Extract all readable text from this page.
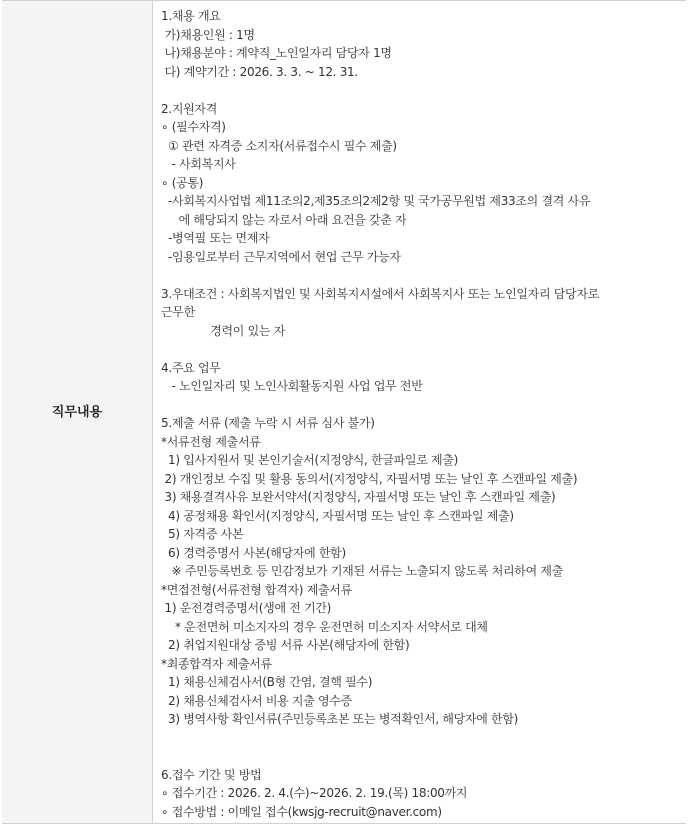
직무내용
1.채용 개요
가)채용인원 : 1명
나)채용분야 : 계약직_노인일자리 담당자 1명
다) 계약기간 : 2026. 3. 3. ~ 12. 31.
2.지원자격
∘ (필수자격)
① 관련 자격증 소지자(서류접수시 필수 제출)
- 사회복지사
∘ (공통)
-사회복지사업법 제11조의2,제35조의2제2항 및 국가공무원법 제33조의 결격 사유
에 해당되지 않는 자로서 아래 요건을 갖춘 자
-병역필 또는 면제자
-임용일로부터 근무지역에서 현업 근무 가능자
3.우대조건 : 사회복지법인 및 사회복지시설에서 사회복지사 또는 노인일자리 담당자로
근무한
경력이 있는 자
4.주요 업무
- 노인일자리 및 노인사회활동지원 사업 업무 전반
5.제출 서류 (제출 누락 시 서류 심사 불가)
*서류전형 제출서류
1) 입사지원서 및 본인기술서(지정양식, 한글파일로 제출)
2) 개인정보 수집 및 활용 동의서(지정양식, 자필서명 또는 날인 후 스캔파일 제출)
3) 채용결격사유 보완서약서(지정양식, 자필서명 또는 날인 후 스캔파일 제출)
4) 공정채용 확인서(지정양식, 자필서명 또는 날인 후 스캔파일 제출)
5) 자격증 사본
6) 경력증명서 사본(해당자에 한함)
※ 주민등록번호 등 민감정보가 기재된 서류는 노출되지 않도록 처리하여 제출
*면접전형(서류전형 합격자) 제출서류
1) 운전경력증명서(생애 전 기간)
* 운전면허 미소지자의 경우 운전면허 미소지자 서약서로 대체
2) 취업지원대상 증빙 서류 사본(해당자에 한함)
*최종합격자 제출서류
1) 채용신체검사서(B형 간염, 결핵 필수)
2) 채용신체검사서 비용 지출 영수증
3) 병역사항 확인서류(주민등록초본 또는 병적확인서, 해당자에 한함)
6.접수 기간 및 방법
∘ 접수기간 : 2026. 2. 4.(수)~2026. 2. 19.(목) 18:00까지
∘ 접수방법 : 이메일 접수(kwsjg-recruit@naver.com)
